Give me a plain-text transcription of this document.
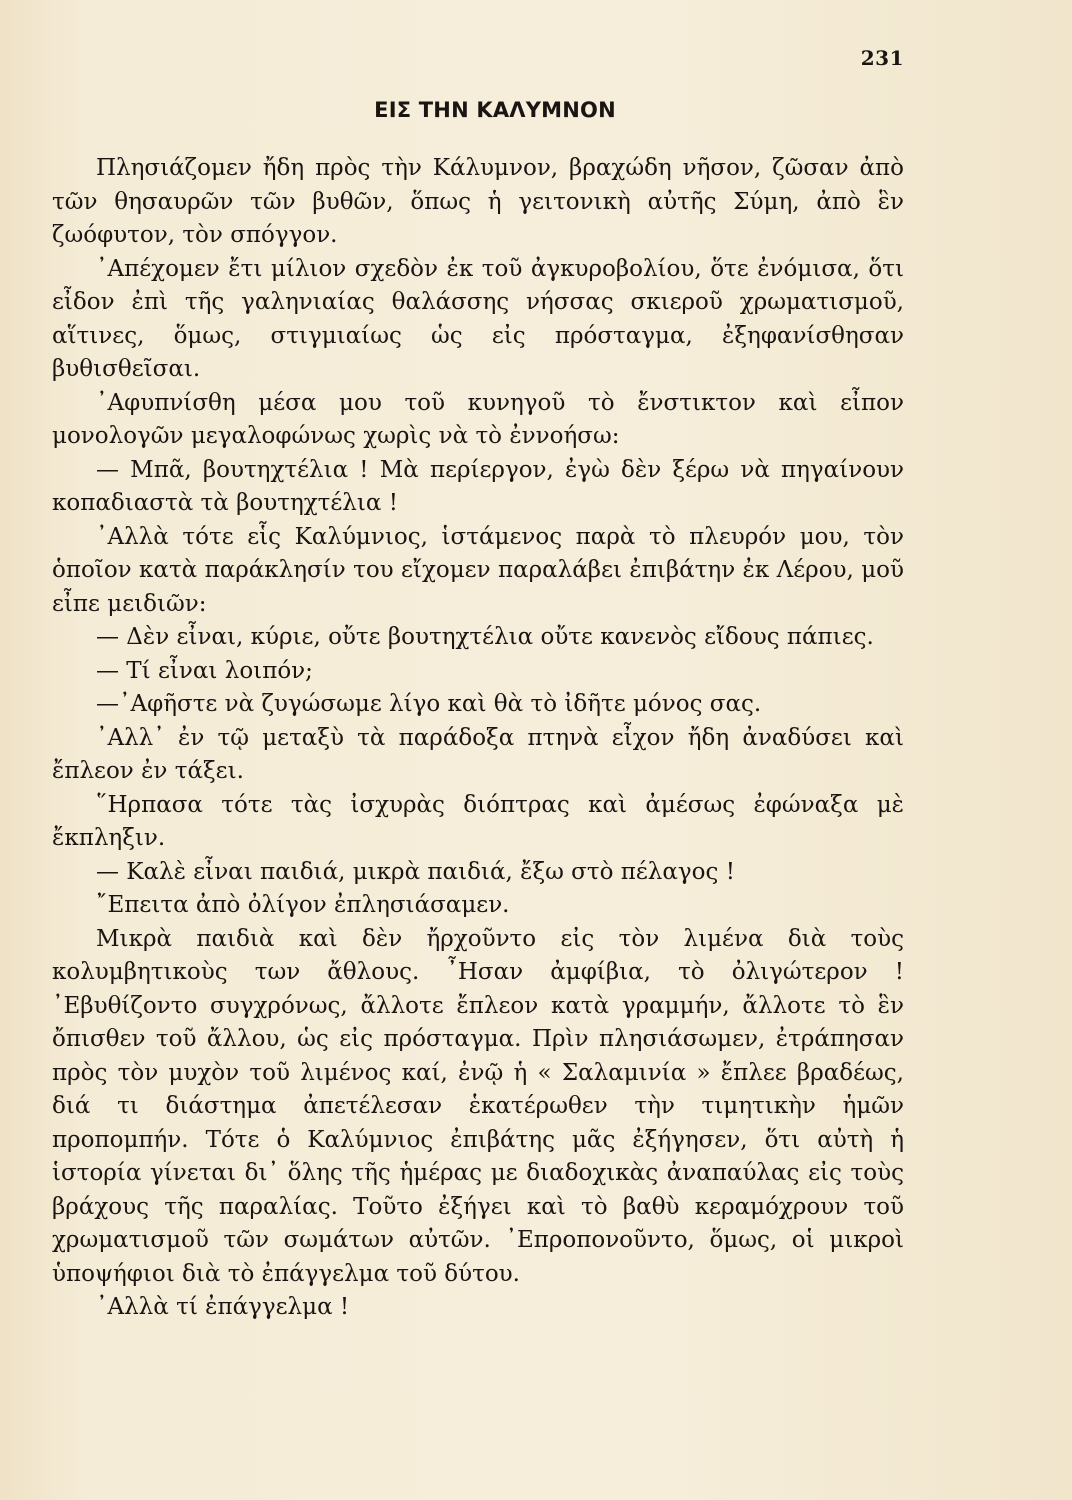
231
ΕΙΣ ΤΗΝ ΚΑΛΥΜΝΟΝ

Πλησιάζομεν ἤδη πρὸς τὴν Κάλυμνον, βραχώδη νῆσον, ζῶσαν ἀπὸ τῶν θησαυρῶν τῶν βυθῶν, ὅπως ἡ γειτονικὴ αὐτῆς Σύμη, ἀπὸ ἓν ζωόφυτον, τὸν σπόγγον.

᾿Απέχομεν ἔτι μίλιον σχεδὸν ἐκ τοῦ ἀγκυροβολίου, ὅτε ἐνόμισα, ὅτι εἶδον ἐπὶ τῆς γαληνιαίας θαλάσσης νήσσας σκιεροῦ χρωματισμοῦ, αἵτινες, ὅμως, στιγμιαίως ὡς εἰς πρόσταγμα, ἐξηφανίσθησαν βυθισθεῖσαι.

᾿Αφυπνίσθη μέσα μου τοῦ κυνηγοῦ τὸ ἔνστικτον καὶ εἶπον μονολογῶν μεγαλοφώνως χωρὶς νὰ τὸ ἐννοήσω:

— Μπᾶ, βουτηχτέλια ! Μὰ περίεργον, ἐγὼ δὲν ξέρω νὰ πηγαίνουν κοπαδιαστὰ τὰ βουτηχτέλια !

᾿Αλλὰ τότε εἷς Καλύμνιος, ἱστάμενος παρὰ τὸ πλευρόν μου, τὸν ὁποῖον κατὰ παράκλησίν του εἴχομεν παραλάβει ἐπιβάτην ἐκ Λέρου, μοῦ εἶπε μειδιῶν:

— Δὲν εἶναι, κύριε, οὔτε βουτηχτέλια οὔτε κανενὸς εἴδους πάπιες.

— Τί εἶναι λοιπόν;

—᾿Αφῆστε νὰ ζυγώσωμε λίγο καὶ θὰ τὸ ἰδῆτε μόνος σας.

᾿Αλλ᾿ ἐν τῷ μεταξὺ τὰ παράδοξα πτηνὰ εἶχον ἤδη ἀναδύσει καὶ ἔπλεον ἐν τάξει.

῞Ηρπασα τότε τὰς ἰσχυρὰς διόπτρας καὶ ἀμέσως ἐφώναξα μὲ ἔκπληξιν.

— Καλὲ εἶναι παιδιά, μικρὰ παιδιά, ἔξω στὸ πέλαγος !

῎Επειτα ἀπὸ ὀλίγον ἐπλησιάσαμεν.

Μικρὰ παιδιὰ καὶ δὲν ἤρχοῦντο εἰς τὸν λιμένα διὰ τοὺς κολυμβητικοὺς των ἄθλους. ῏Ησαν ἀμφίβια, τὸ ὀλιγώτερον ! ᾿Εβυθίζοντο συγχρόνως, ἄλλοτε ἔπλεον κατὰ γραμμήν, ἄλλοτε τὸ ἓν ὄπισθεν τοῦ ἄλλου, ὡς εἰς πρόσταγμα. Πρὶν πλησιάσωμεν, ἐτράπησαν πρὸς τὸν μυχὸν τοῦ λιμένος καί, ἐνῷ ἡ « Σαλαμινία » ἔπλεε βραδέως, διά τι διάστημα ἀπετέλεσαν ἑκατέρωθεν τὴν τιμητικὴν ἡμῶν προπομπήν. Τότε ὁ Καλύμνιος ἐπιβάτης μᾶς ἐξήγησεν, ὅτι αὐτὴ ἡ ἱστορία γίνεται δι᾿ ὅλης τῆς ἡμέρας με διαδοχικὰς ἀναπαύλας εἰς τοὺς βράχους τῆς παραλίας. Τοῦτο ἐξήγει καὶ τὸ βαθὺ κεραμόχρουν τοῦ χρωματισμοῦ τῶν σωμάτων αὐτῶν. ᾿Επροπονοῦντο, ὅμως, οἱ μικροὶ ὑποψήφιοι διὰ τὸ ἐπάγγελμα τοῦ δύτου.

᾿Αλλὰ τί ἐπάγγελμα !
